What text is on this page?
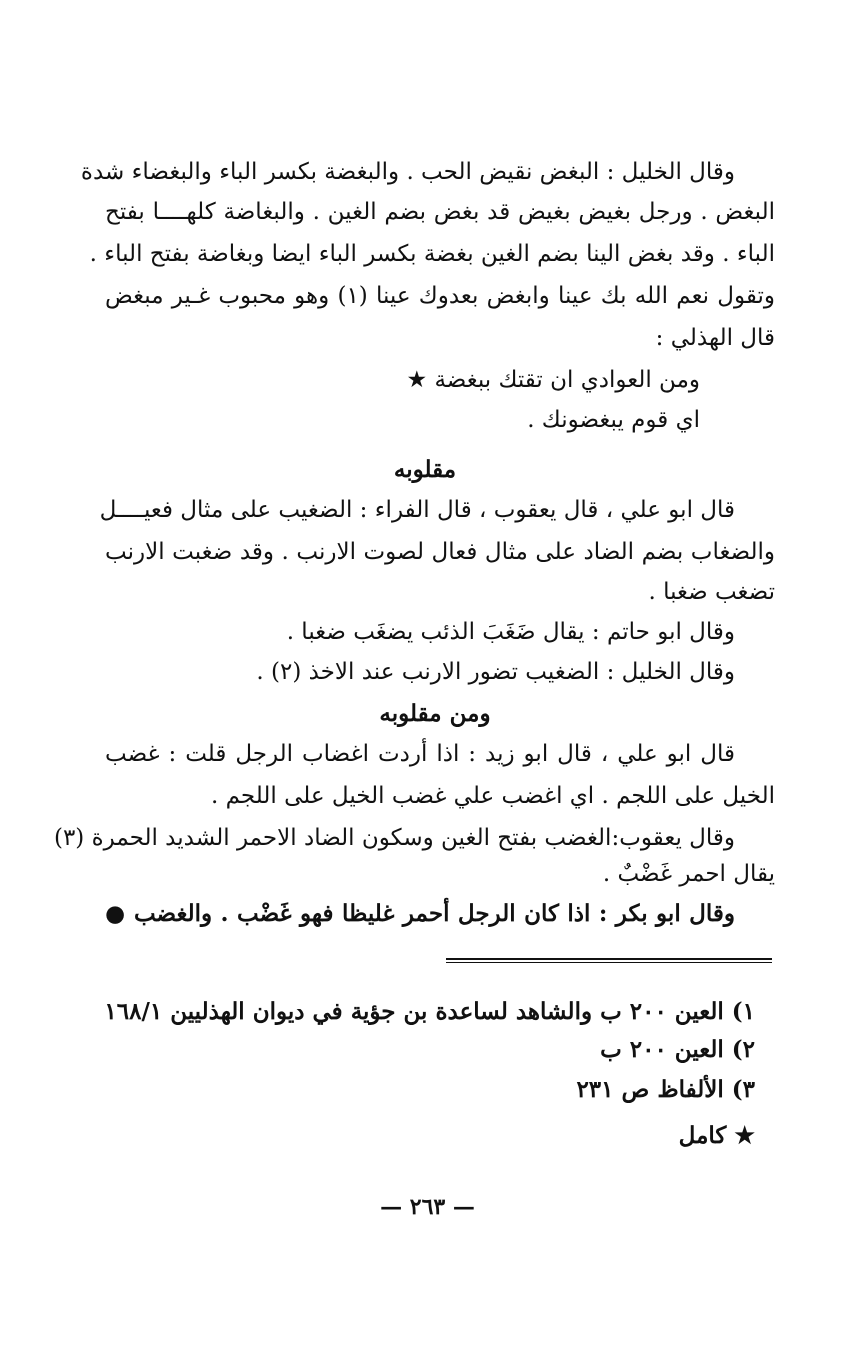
وقال الخليل : البغض نقيض الحب . والبغضة بكسر الباء والبغضاء شدة
البغض . ورجل بغيض بغيض قد بغض بضم الغين . والبغاضة كلهــــا بفتح
الباء . وقد بغض الينا بضم الغين بغضة بكسر الباء ايضا وبغاضة بفتح الباء .
وتقول نعم الله بك عينا وابغض بعدوك عينا (١) وهو محبوب غـير مبغض
قال الهذلي :
ومن العوادي ان تقتك ببغضة ★
اي قوم يبغضونك .
مقلوبه
قال ابو علي ، قال يعقوب ، قال الفراء : الضغيب على مثال فعيــــل
والضغاب بضم الضاد على مثال فعال لصوت الارنب . وقد ضغبت الارنب
تضغب ضغبا .
وقال ابو حاتم : يقال ضَغَبَ الذئب يضغَب ضغبا .
وقال الخليل : الضغيب تضور الارنب عند الاخذ (٢) .
ومن مقلوبه
قال ابو علي ، قال ابو زيد : اذا أردت اغضاب الرجل قلت : غضب
الخيل على اللجم . اي اغضب علي غضب الخيل على اللجم .
وقال يعقوب:الغضب بفتح الغين وسكون الضاد الاحمر الشديد الحمرة (٣)
يقال احمر غَضْبٌ .
وقال ابو بكر : اذا كان الرجل أحمر غليظا فهو غَضْب . والغضب ●
١) العين ٢٠٠ ب والشاهد لساعدة بن جؤية في ديوان الهذليين ١٦٨/١
٢) العين ٢٠٠ ب
٣) الألفاظ ص ٢٣١
★ كامل
— ٢٦٣ —
